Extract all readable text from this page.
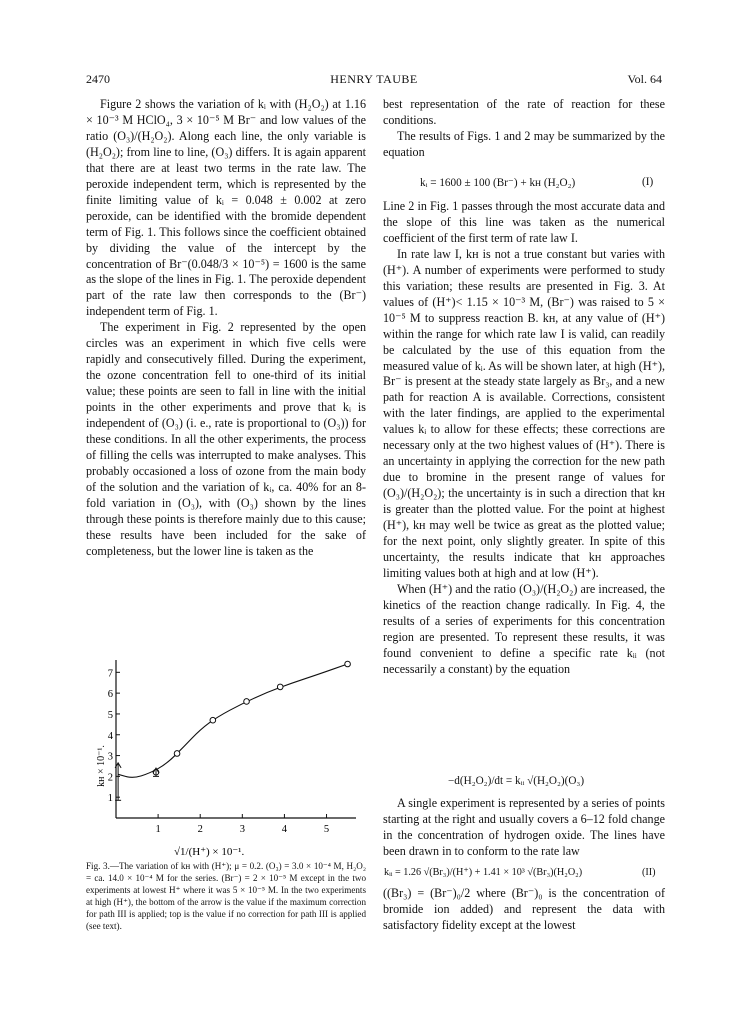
2470	HENRY TAUBE	Vol. 64

Figure 2 shows the variation of kᵢ with (H₂O₂) at 1.16 × 10⁻³ M HClO₄, 3 × 10⁻⁵ M Br⁻ and low values of the ratio (O₃)/(H₂O₂). Along each line, the only variable is (H₂O₂); from line to line, (O₃) differs. It is again apparent that there are at least two terms in the rate law. The peroxide independent term, which is represented by the finite limiting value of kᵢ = 0.048 ± 0.002 at zero peroxide, can be identified with the bromide dependent term of Fig. 1. This follows since the coefficient obtained by dividing the value of the intercept by the concentration of Br⁻(0.048/3 × 10⁻⁵) = 1600 is the same as the slope of the lines in Fig. 1. The peroxide dependent part of the rate law then corresponds to the (Br⁻) independent term of Fig. 1.

The experiment in Fig. 2 represented by the open circles was an experiment in which five cells were rapidly and consecutively filled. During the experiment, the ozone concentration fell to one-third of its initial value; these points are seen to fall in line with the initial points in the other experiments and prove that kᵢ is independent of (O₃) (i. e., rate is proportional to (O₃)) for these conditions. In all the other experiments, the process of filling the cells was interrupted to make analyses. This probably occasioned a loss of ozone from the main body of the solution and the variation of kᵢ, ca. 40% for an 8-fold variation in (O₃), with (O₃) shown by the lines through these points is therefore mainly due to this cause; these results have been included for the sake of completeness, but the lower line is taken as the

1	2	3	4	5
1
2
3
4
5
6
7
√1/(H⁺) × 10⁻¹.
kʜ × 10⁻¹.
Fig. 3.—The variation of kʜ with (H⁺); μ = 0.2. (O₃) = 3.0 × 10⁻⁴ M, H₂O₂ = ca. 14.0 × 10⁻⁴ M for the series. (Br⁻) = 2 × 10⁻⁵ M except in the two experiments at lowest H⁺ where it was 5 × 10⁻⁵ M. In the two experiments at high (H⁺), the bottom of the arrow is the value if the maximum correction for path III is applied; top is the value if no correction for path III is applied (see text).

best representation of the rate of reaction for these conditions.

The results of Figs. 1 and 2 may be summarized by the equation

kᵢ = 1600 ± 100 (Br⁻) + kʜ (H₂O₂)	(I)

Line 2 in Fig. 1 passes through the most accurate data and the slope of this line was taken as the numerical coefficient of the first term of rate law I.

In rate law I, kʜ is not a true constant but varies with (H⁺). A number of experiments were performed to study this variation; these results are presented in Fig. 3. At values of (H⁺)< 1.15 × 10⁻³ M, (Br⁻) was raised to 5 × 10⁻⁵ M to suppress reaction B. kʜ, at any value of (H⁺) within the range for which rate law I is valid, can readily be calculated by the use of this equation from the measured value of kᵢ. As will be shown later, at high (H⁺), Br⁻ is present at the steady state largely as Br₃, and a new path for reaction A is available. Corrections, consistent with the later findings, are applied to the experimental values kᵢ to allow for these effects; these corrections are necessary only at the two highest values of (H⁺). There is an uncertainty in applying the correction for the new path due to bromine in the present range of values for (O₃)/(H₂O₂); the uncertainty is in such a direction that kʜ is greater than the plotted value. For the point at highest (H⁺), kʜ may well be twice as great as the plotted value; for the next point, only slightly greater. In spite of this uncertainty, the results indicate that kʜ approaches limiting values both at high and at low (H⁺).

When (H⁺) and the ratio (O₃)/(H₂O₂) are increased, the kinetics of the reaction change radically. In Fig. 4, the results of a series of experiments for this concentration region are presented. To represent these results, it was found convenient to define a specific rate kᵢᵢ (not necessarily a constant) by the equation

−d(H₂O₂)/dt = kᵢᵢ √(H₂O₂)(O₃)

A single experiment is represented by a series of points starting at the right and usually covers a 6–12 fold change in the concentration of hydrogen oxide. The lines have been drawn in to conform to the rate law

kᵢᵢ = 1.26 √(Br₃)/(H⁺) + 1.41 × 10³ √(Br₃)(H₂O₂)	(II)

((Br₃) = (Br⁻)₀/2 where (Br⁻)₀ is the concentration of bromide ion added) and represent the data with satisfactory fidelity except at the lowest
